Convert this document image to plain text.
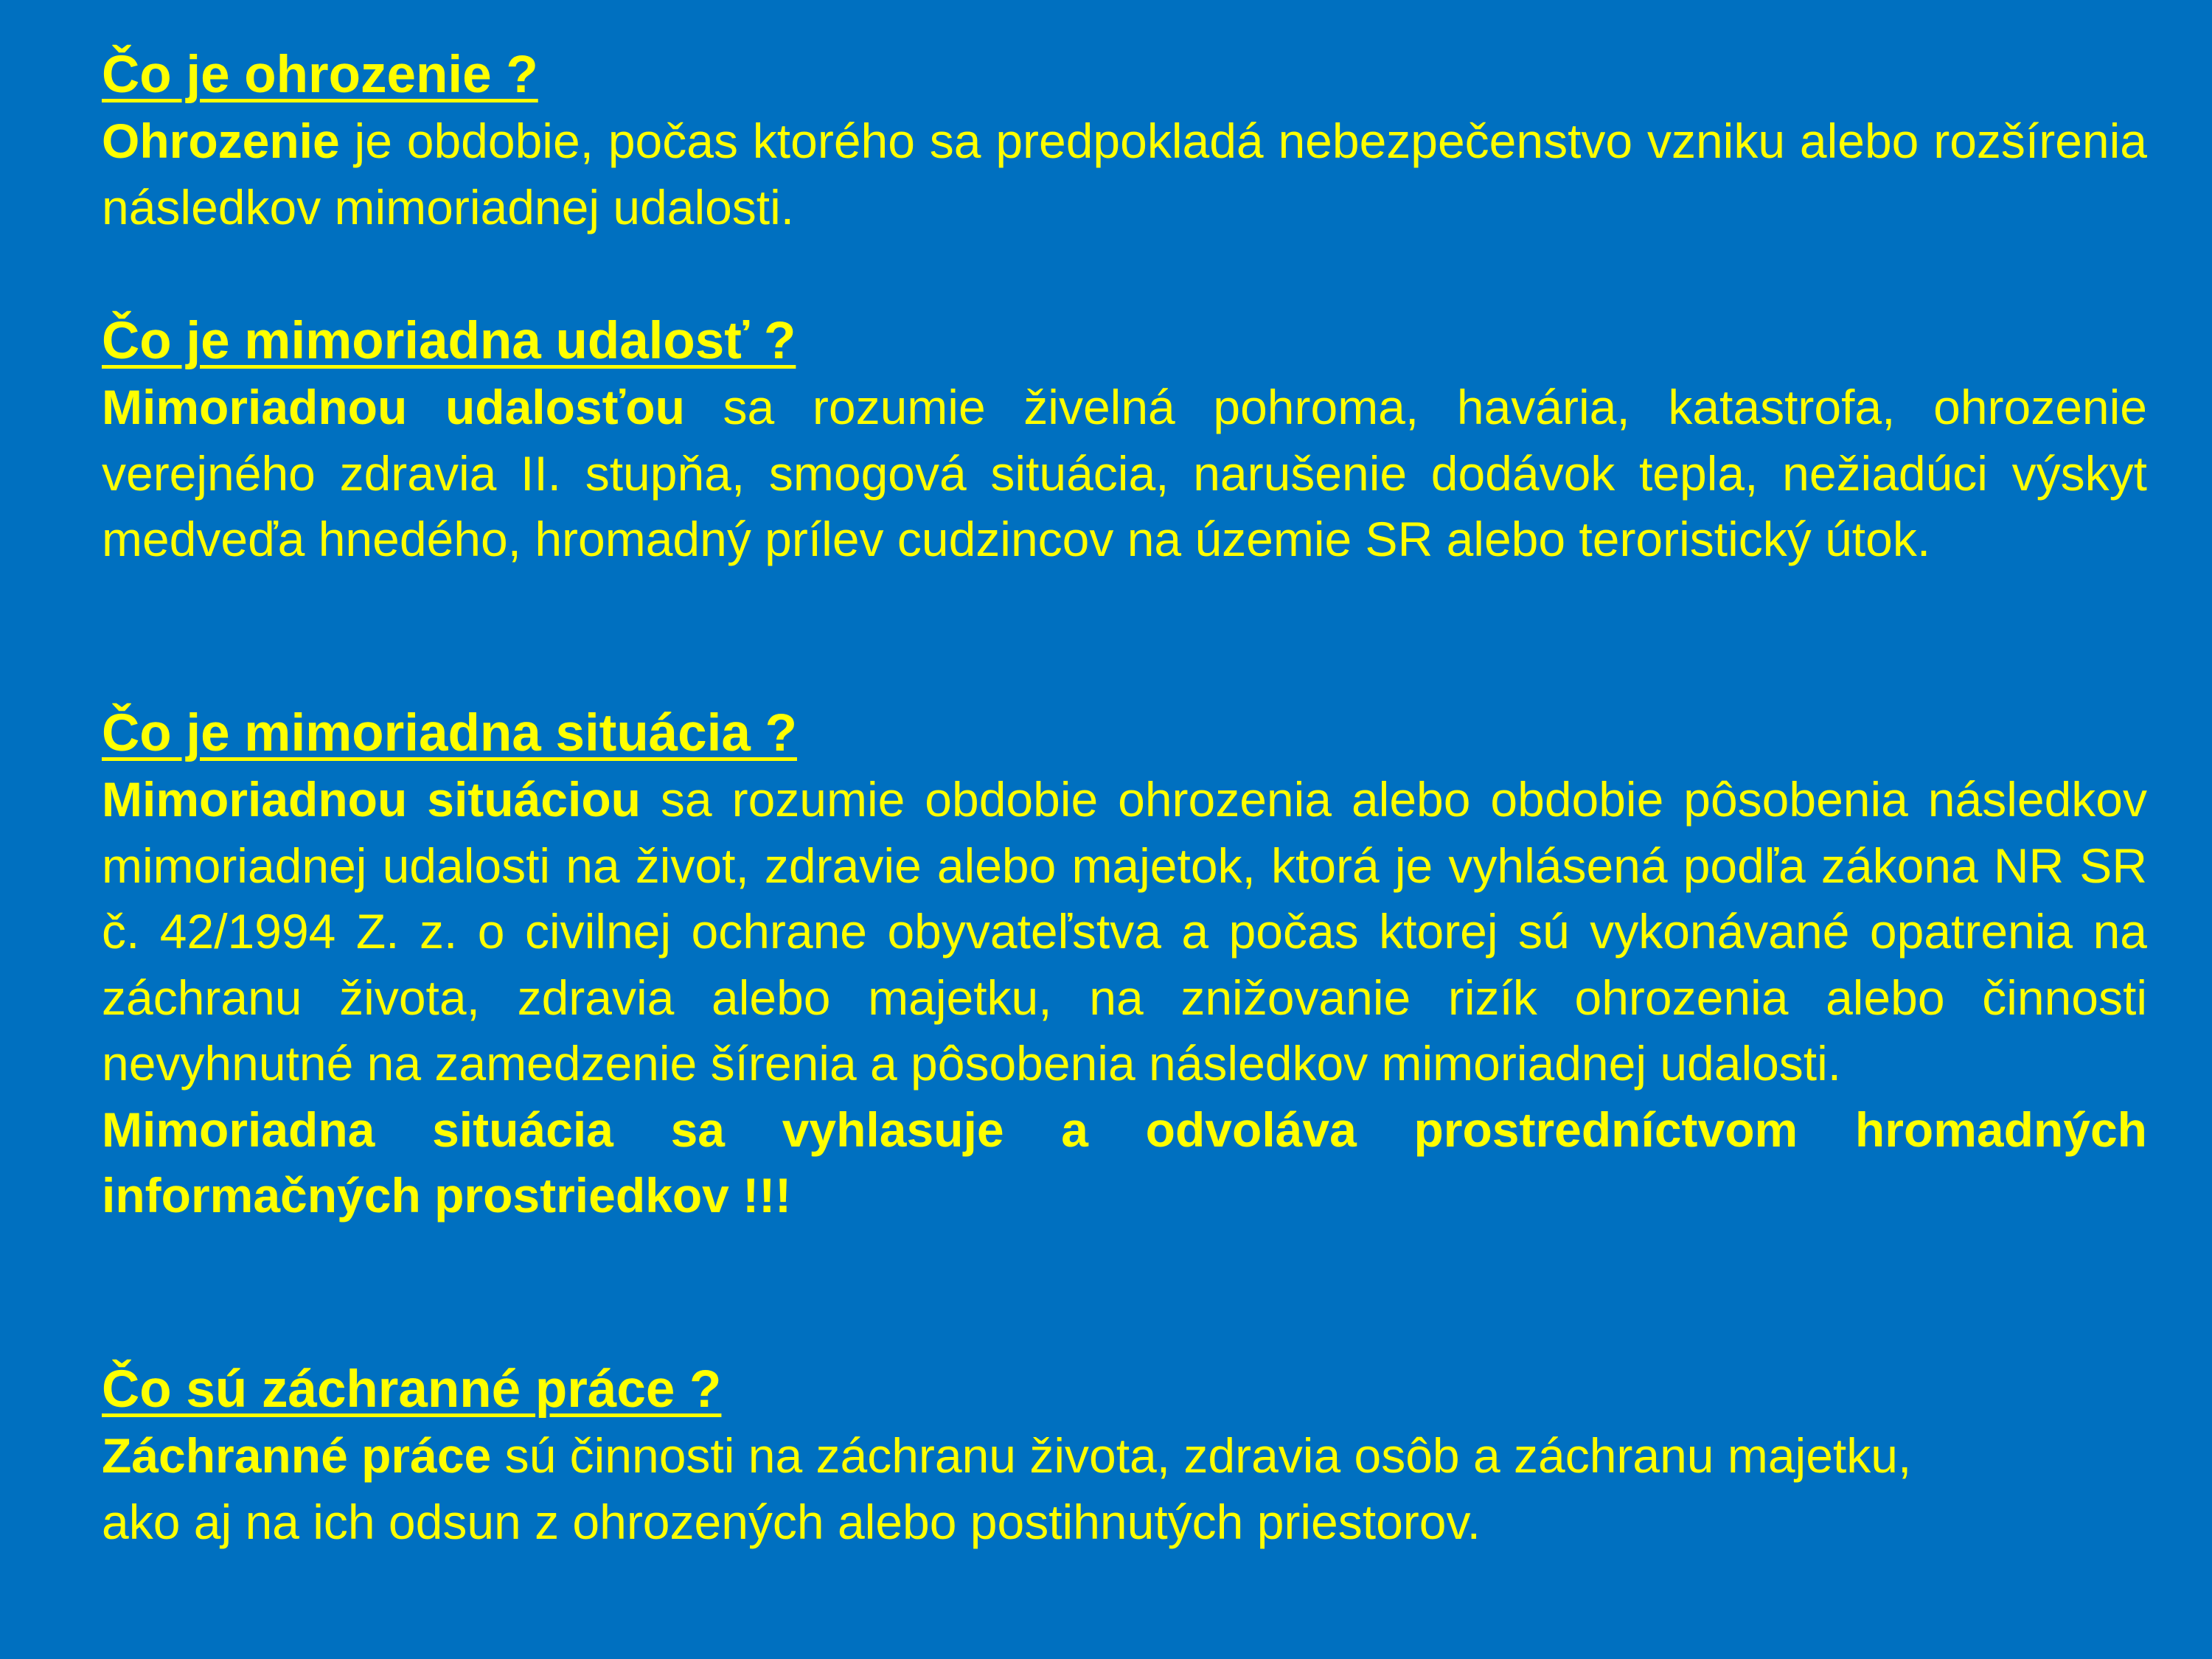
Čo je ohrozenie ?

Ohrozenie je obdobie, počas ktorého sa predpokladá nebezpečenstvo vzniku alebo rozšírenia následkov mimoriadnej udalosti.

Čo je mimoriadna udalosť ?

Mimoriadnou udalosťou sa rozumie živelná pohroma, havária, katastrofa, ohrozenie verejného zdravia II. stupňa, smogová situácia, narušenie dodávok tepla, nežiadúci výskyt medveďa hnedého, hromadný prílev cudzincov na územie SR alebo teroristický útok.

Čo je mimoriadna situácia ?

Mimoriadnou situáciou sa rozumie obdobie ohrozenia alebo obdobie pôsobenia následkov mimoriadnej udalosti na život, zdravie alebo majetok, ktorá je vyhlásená podľa zákona NR SR č. 42/1994 Z. z. o civilnej ochrane obyvateľstva a počas ktorej sú vykonávané opatrenia na záchranu života, zdravia alebo majetku, na znižovanie rizík ohrozenia alebo činnosti nevyhnutné na zamedzenie šírenia a pôsobenia následkov mimoriadnej udalosti.

Mimoriadna situácia sa vyhlasuje a odvoláva prostredníctvom hromadných informačných prostriedkov !!!

Čo sú záchranné práce ?

Záchranné práce sú činnosti na záchranu života, zdravia osôb a záchranu majetku, ako aj na ich odsun z ohrozených alebo postihnutých priestorov.
